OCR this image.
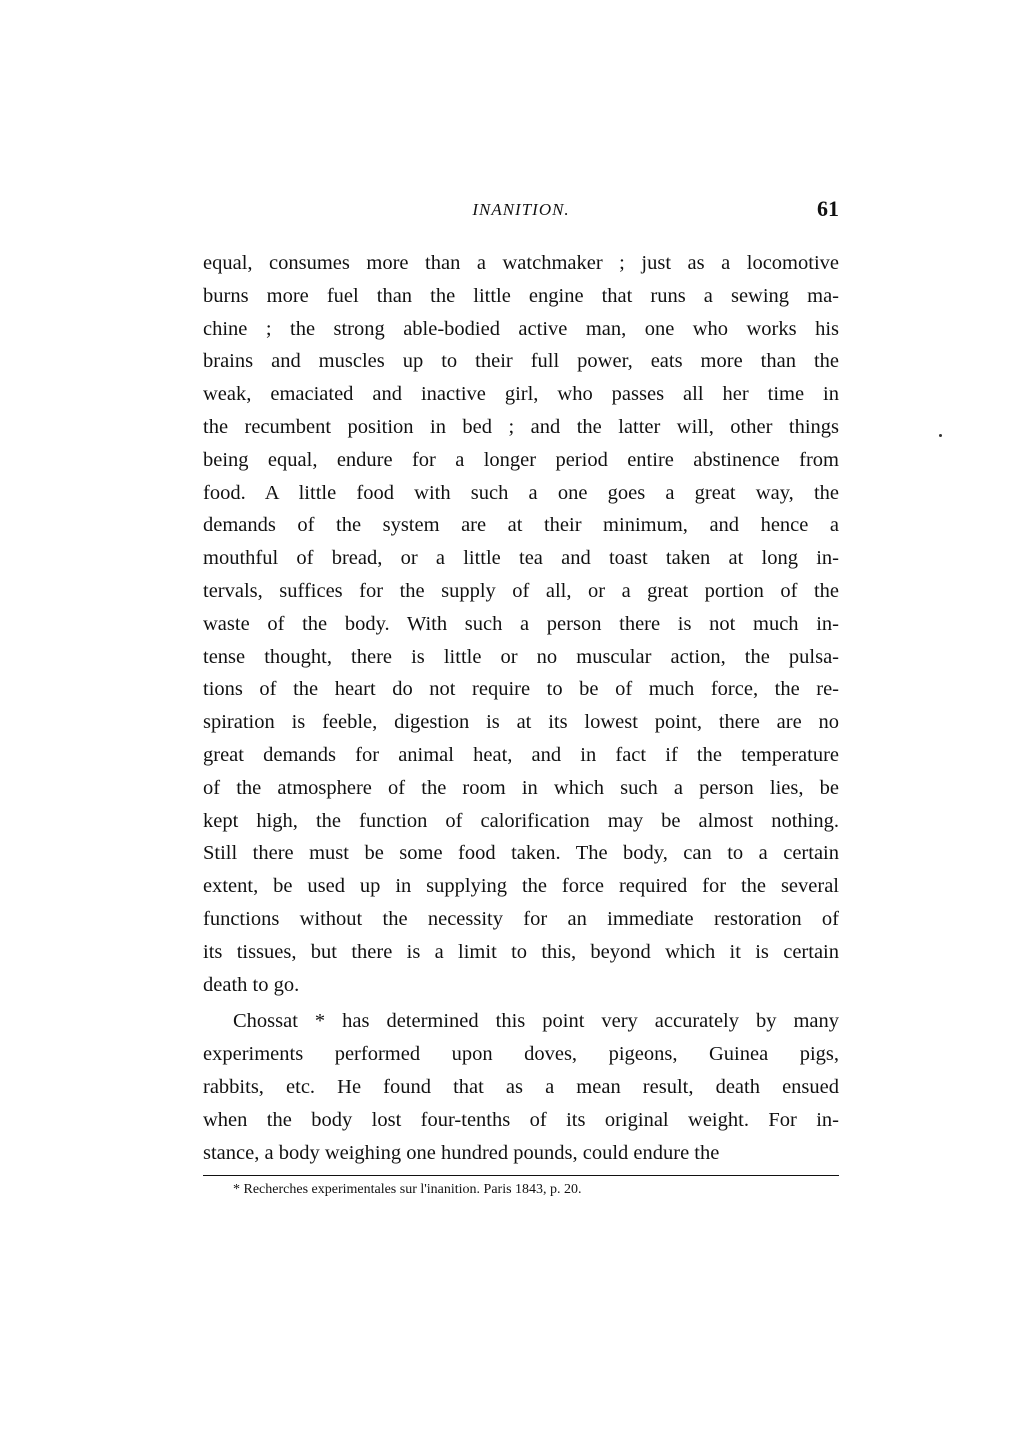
INANITION.	61
equal, consumes more than a watchmaker ; just as a locomotive
burns more fuel than the little engine that runs a sewing ma-
chine ; the strong able-bodied active man, one who works his
brains and muscles up to their full power, eats more than the
weak, emaciated and inactive girl, who passes all her time in
the recumbent position in bed ; and the latter will, other things
being equal, endure for a longer period entire abstinence from
food. A little food with such a one goes a great way, the
demands of the system are at their minimum, and hence a
mouthful of bread, or a little tea and toast taken at long in-
tervals, suffices for the supply of all, or a great portion of the
waste of the body. With such a person there is not much in-
tense thought, there is little or no muscular action, the pulsa-
tions of the heart do not require to be of much force, the re-
spiration is feeble, digestion is at its lowest point, there are no
great demands for animal heat, and in fact if the temperature
of the atmosphere of the room in which such a person lies, be
kept high, the function of calorification may be almost nothing.
Still there must be some food taken. The body, can to a certain
extent, be used up in supplying the force required for the several
functions without the necessity for an immediate restoration of
its tissues, but there is a limit to this, beyond which it is certain
death to go.
Chossat * has determined this point very accurately by many
experiments performed upon doves, pigeons, Guinea pigs,
rabbits, etc. He found that as a mean result, death ensued
when the body lost four-tenths of its original weight. For in-
stance, a body weighing one hundred pounds, could endure the
* Recherches experimentales sur l'inanition. Paris 1843, p. 20.
